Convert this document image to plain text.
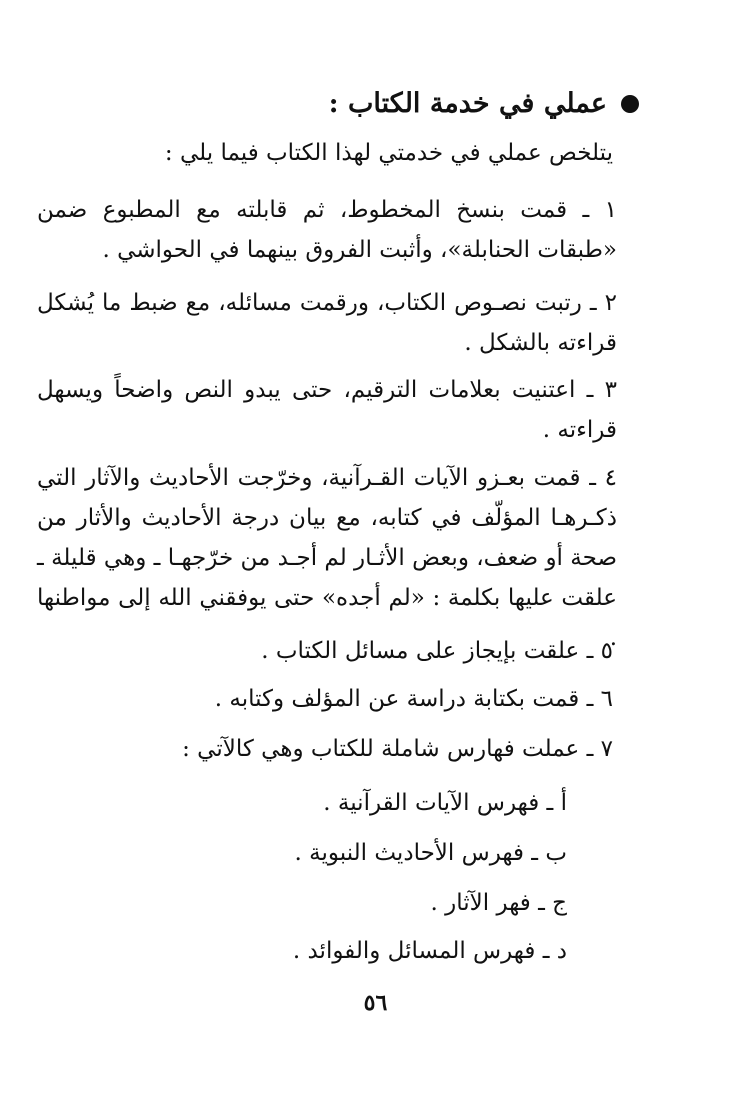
عملي في خدمة الكتاب :
يتلخص عملي في خدمتي لهذا الكتاب فيما يلي :
١ ـ قمت بنسخ المخطوط، ثم قابلته مع المطبوع ضمن «طبقات الحنابلة»، وأثبت الفروق بينهما في الحواشي .
٢ ـ رتبت نصـوص الكتاب، ورقمت مسائله، مع ضبط ما يُشكل قراءته بالشكل .
٣ ـ اعتنيت بعلامات الترقيم، حتى يبدو النص واضحاً ويسهل قراءته .
٤ ـ قمت بعـزو الآيات القـرآنية، وخرّجت الأحاديث والآثار التي ذكـرهـا المؤلّف في كتابه، مع بيان درجة الأحاديث والأثار من صحة أو ضعف، وبعض الأثـار لم أجـد من خرّجهـا ـ وهي قليلة ـ علقت عليها بكلمة : «لم أجده» حتى يوفقني الله إلى مواطنها .
٥ ـ علقت بإيجاز على مسائل الكتاب .
٦ ـ قمت بكتابة دراسة عن المؤلف وكتابه .
٧ ـ عملت فهارس شاملة للكتاب وهي كالآتي :
أ ـ فهرس الآيات القرآنية .
ب ـ فهرس الأحاديث النبوية .
ج ـ فهر الآثار .
د ـ فهرس المسائل والفوائد .
٥٦
